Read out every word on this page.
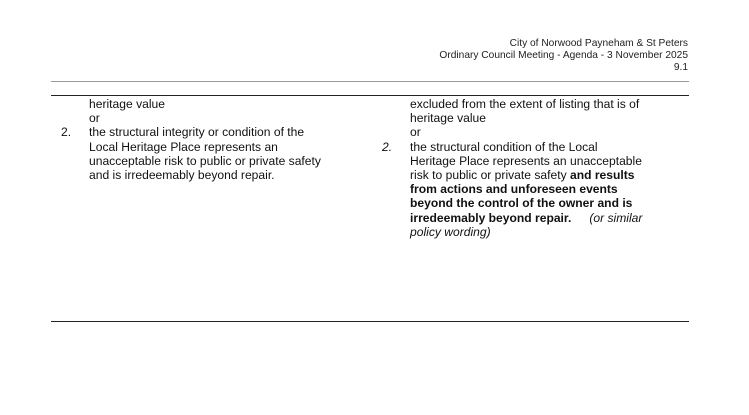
City of Norwood Payneham & St Peters
Ordinary Council Meeting - Agenda - 3 November 2025
9.1
heritage value
or
2. the structural integrity or condition of the
Local Heritage Place represents an
unacceptable risk to public or private safety
and is irredeemably beyond repair.
excluded from the extent of listing that is of
heritage value
or
2. the structural condition of the Local
Heritage Place represents an unacceptable
risk to public or private safety and results
from actions and unforeseen events
beyond the control of the owner and is
irredeemably beyond repair. (or similar
policy wording)
